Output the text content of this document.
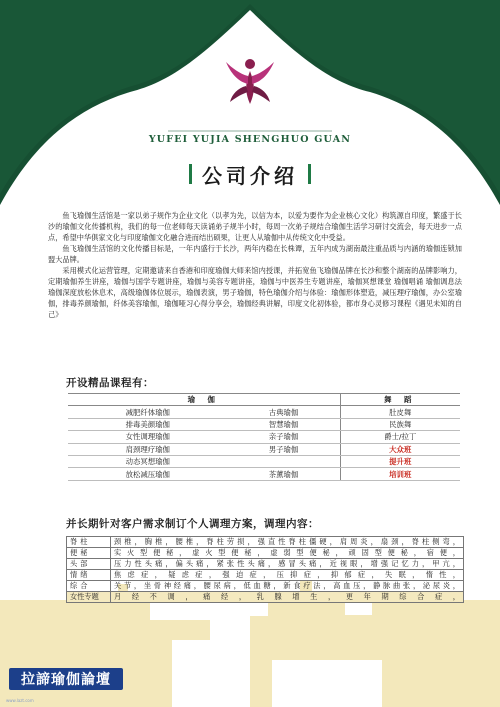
YUFEI YUJIA SHENGHUO GUAN
公司介绍

鱼飞瑜伽生活馆是一家以弟子规作为企业文化（以孝为先，以信为本，以爱为要作为企业核心文化）构筑源自印度，繁盛于长沙的瑜伽文化传播机构，我们的每一位老师每天读诵弟子规半小时，每周一次弟子规结合瑜伽生活学习研讨交流会，每天进步一点点，希望中华俱家文化与印度瑜伽文化融合进而结出硕果，让更人从瑜伽中从传统文化中受益。

鱼飞瑜伽生活馆的文化传播目标是，一年内盛行于长沙，两年内稳在长株谭，五年内成为湖南最注重品质与内涵的瑜伽连锁加盟大品牌。

采用模式化运营管理，定期邀请来自香港和印度瑜伽大师来馆内授课，并拓宽鱼飞瑜伽品牌在长沙和整个湖南的品牌影响力，定期瑜伽养生讲座，瑜伽与国学专题讲座，瑜伽与美容专题讲座，瑜伽与中医养生专题讲座，瑜伽冥想课堂 瑜伽唱诵 瑜伽调息法 瑜伽深度放松休息术，高级瑜伽体位展示，瑜伽表演，男子瑜伽，特色瑜伽介绍与体验：瑜伽形体塑造，减压理疗瑜伽，办公室瑜伽，排毒养颜瑜伽，纤体美容瑜伽，瑜伽哑习心得分享会，瑜伽经典讲解，印度文化初体验，都市身心灵修习课程《遇见未知的自己》

开设精品课程有：
瑜 伽		舞 蹈
减肥纤体瑜伽	古典瑜伽	肚皮舞
排毒美颜瑜伽	智慧瑜伽	民族舞
女性调理瑜伽	亲子瑜伽	爵士/拉丁
肩颈理疗瑜伽	男子瑜伽	大众班
动态冥想瑜伽		提升班
放松减压瑜伽	茶薰瑜伽	培训班
并长期针对客户需求制订个人调理方案，调理内容：
脊柱	颈椎，胸椎，腰椎，脊柱劳损，强直性脊柱僵硬，肩周炎，扇颈，脊柱侧弯，
便秘	实火型便秘，虚火型便秘，虚弱型便秘，顽固型便秘，宿便，
头部	压力性头痛，偏头痛，紧张性头痛，感冒头痛，近视眼，增强记忆力，甲亢，
情绪	焦虑症，疑虑症，强迫症，压抑症，抑郁症，失眠，惰性，
综合	关节，坐骨神经痛，腰尿病，低血糖，新食疗法，高血压，静脉曲张，泌尿炎，
女性专题	月经不调，痛经，乳腺增生，更年期综合症，
拉諦瑜伽論壇
www.lazt.com
